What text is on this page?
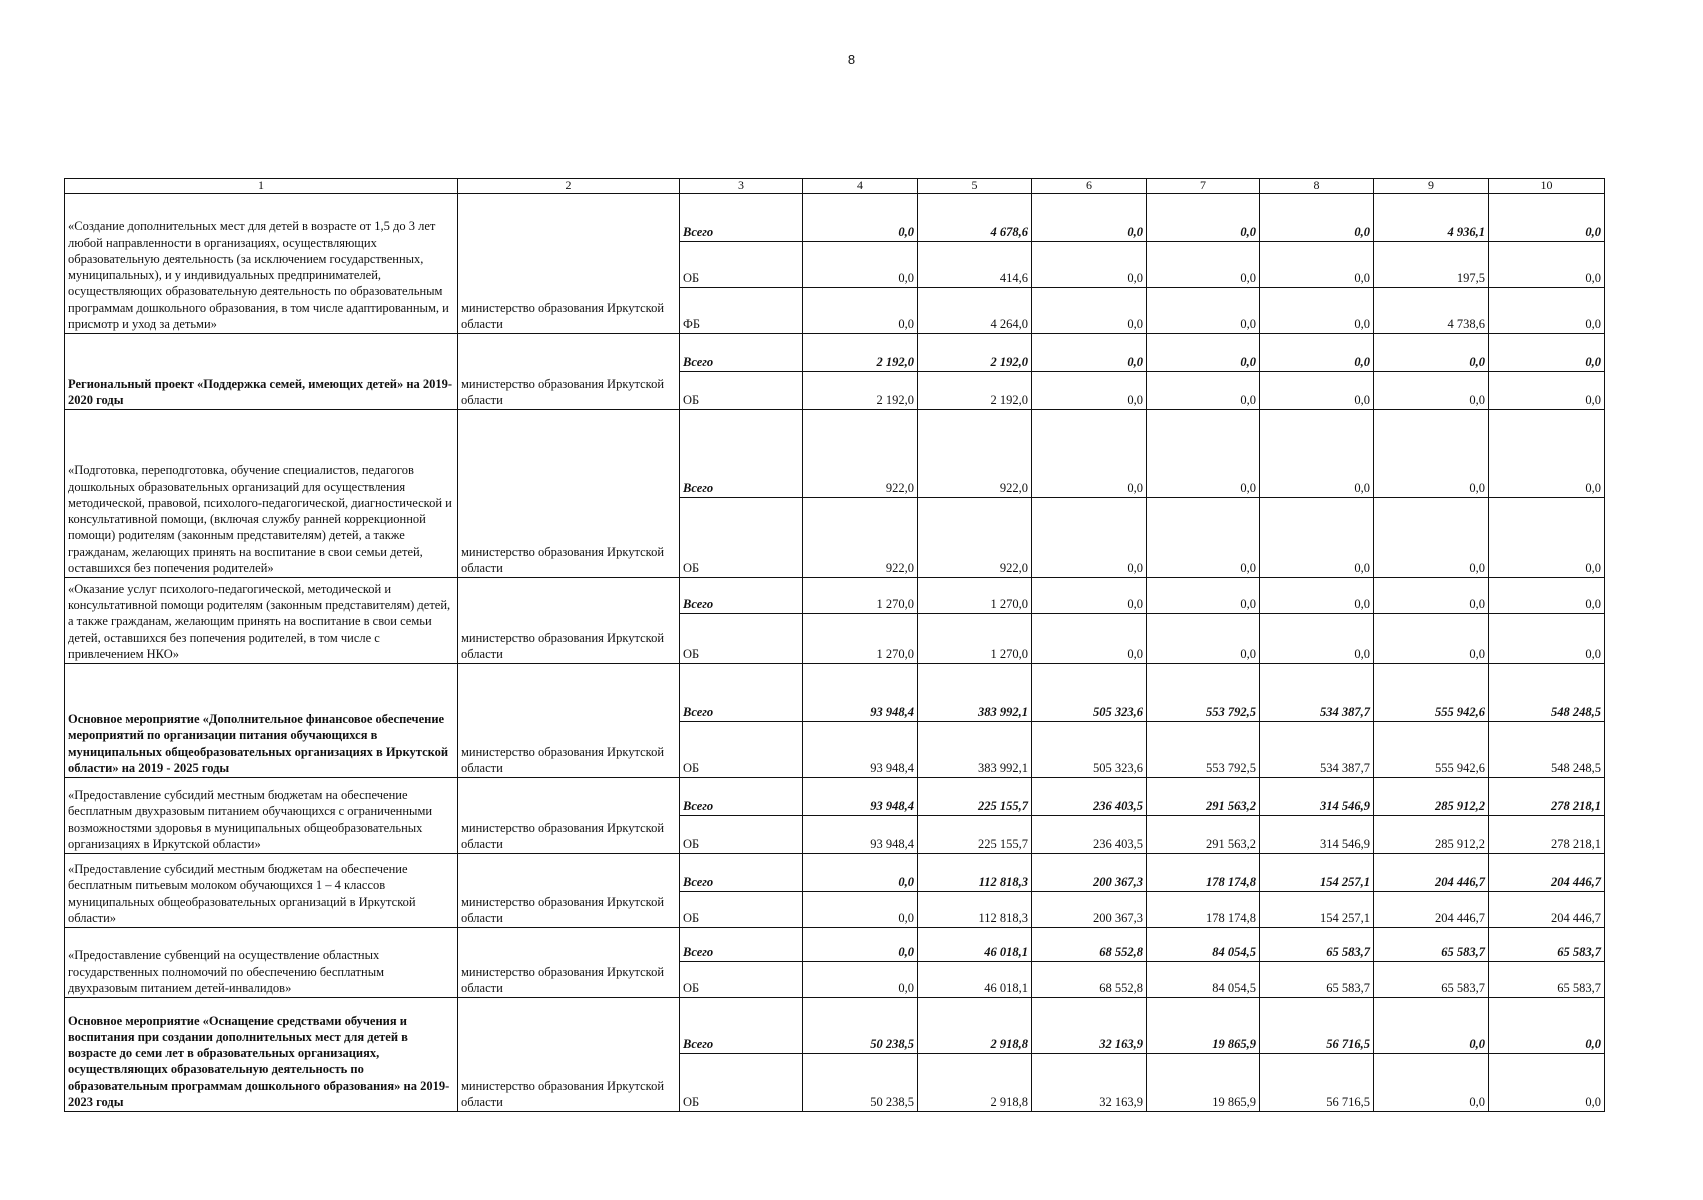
8
1	2	3	4	5	6	7	8	9	10
«Создание дополнительных мест для детей в возрасте от 1,5 до 3 лет любой направленности в организациях, осуществляющих образовательную деятельность (за исключением государственных, муниципальных), и у индивидуальных предпринимателей, осуществляющих образовательную деятельность по образовательным программам дошкольного образования, в том числе адаптированным, и присмотр и уход за детьми»	министерство образования Иркутской области	Всего	0,0	4 678,6	0,0	0,0	0,0	4 936,1	0,0
		ОБ	0,0	414,6	0,0	0,0	0,0	197,5	0,0
		ФБ	0,0	4 264,0	0,0	0,0	0,0	4 738,6	0,0
Региональный проект «Поддержка семей, имеющих детей» на 2019-2020 годы	министерство образования Иркутской области	Всего	2 192,0	2 192,0	0,0	0,0	0,0	0,0	0,0
		ОБ	2 192,0	2 192,0	0,0	0,0	0,0	0,0	0,0
«Подготовка, переподготовка, обучение специалистов, педагогов дошкольных образовательных организаций для осуществления методической, правовой, психолого-педагогической, диагностической и консультативной помощи, (включая службу ранней коррекционной помощи) родителям (законным представителям) детей, а также гражданам, желающих принять на воспитание в свои семьи детей, оставшихся без попечения родителей»	министерство образования Иркутской области	Всего	922,0	922,0	0,0	0,0	0,0	0,0	0,0
		ОБ	922,0	922,0	0,0	0,0	0,0	0,0	0,0
«Оказание услуг психолого-педагогической, методической и консультативной помощи родителям (законным представителям) детей, а также гражданам, желающим принять на воспитание в свои семьи детей, оставшихся без попечения родителей, в том числе с привлечением НКО»	министерство образования Иркутской области	Всего	1 270,0	1 270,0	0,0	0,0	0,0	0,0	0,0
		ОБ	1 270,0	1 270,0	0,0	0,0	0,0	0,0	0,0
Основное мероприятие «Дополнительное финансовое обеспечение мероприятий по организации питания обучающихся в муниципальных общеобразовательных организациях в Иркутской области» на 2019 - 2025 годы	министерство образования Иркутской области	Всего	93 948,4	383 992,1	505 323,6	553 792,5	534 387,7	555 942,6	548 248,5
		ОБ	93 948,4	383 992,1	505 323,6	553 792,5	534 387,7	555 942,6	548 248,5
«Предоставление субсидий местным бюджетам на обеспечение бесплатным двухразовым питанием обучающихся с ограниченными возможностями здоровья в муниципальных общеобразовательных организациях в Иркутской области»	министерство образования Иркутской области	Всего	93 948,4	225 155,7	236 403,5	291 563,2	314 546,9	285 912,2	278 218,1
		ОБ	93 948,4	225 155,7	236 403,5	291 563,2	314 546,9	285 912,2	278 218,1
«Предоставление субсидий местным бюджетам на обеспечение бесплатным питьевым молоком обучающихся 1 – 4 классов муниципальных общеобразовательных организаций в Иркутской области»	министерство образования Иркутской области	Всего	0,0	112 818,3	200 367,3	178 174,8	154 257,1	204 446,7	204 446,7
		ОБ	0,0	112 818,3	200 367,3	178 174,8	154 257,1	204 446,7	204 446,7
«Предоставление субвенций на осуществление областных государственных полномочий по обеспечению бесплатным двухразовым питанием детей-инвалидов»	министерство образования Иркутской области	Всего	0,0	46 018,1	68 552,8	84 054,5	65 583,7	65 583,7	65 583,7
		ОБ	0,0	46 018,1	68 552,8	84 054,5	65 583,7	65 583,7	65 583,7
Основное мероприятие «Оснащение средствами обучения и воспитания при создании дополнительных мест для детей в возрасте до семи лет в образовательных организациях, осуществляющих образовательную деятельность по образовательным программам дошкольного образования» на 2019-2023 годы	министерство образования Иркутской области	Всего	50 238,5	2 918,8	32 163,9	19 865,9	56 716,5	0,0	0,0
		ОБ	50 238,5	2 918,8	32 163,9	19 865,9	56 716,5	0,0	0,0
